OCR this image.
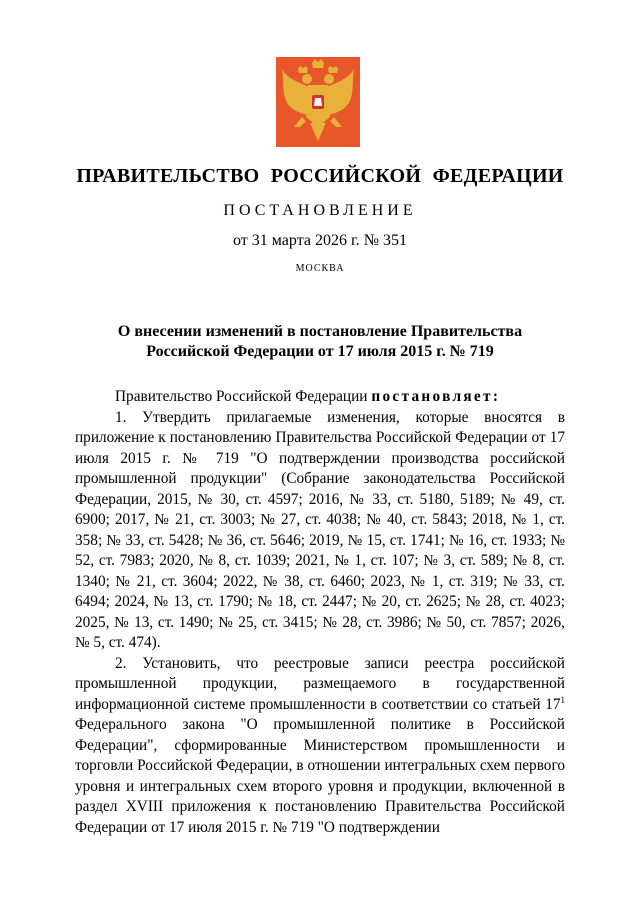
ПРАВИТЕЛЬСТВО РОССИЙСКОЙ ФЕДЕРАЦИИ
ПОСТАНОВЛЕНИЕ
от 31 марта 2026 г. № 351
МОСКВА
О внесении изменений в постановление Правительства
Российской Федерации от 17 июля 2015 г. № 719

Правительство Российской Федерации постановляет:

1. Утвердить прилагаемые изменения, которые вносятся в приложение к постановлению Правительства Российской Федерации от 17 июля 2015 г. № 719 "О подтверждении производства российской промышленной продукции" (Собрание законодательства Российской Федерации, 2015, № 30, ст. 4597; 2016, № 33, ст. 5180, 5189; № 49, ст. 6900; 2017, № 21, ст. 3003; № 27, ст. 4038; № 40, ст. 5843; 2018, № 1, ст. 358; № 33, ст. 5428; № 36, ст. 5646; 2019, № 15, ст. 1741; № 16, ст. 1933; № 52, ст. 7983; 2020, № 8, ст. 1039; 2021, № 1, ст. 107; № 3, ст. 589; № 8, ст. 1340; № 21, ст. 3604; 2022, № 38, ст. 6460; 2023, № 1, ст. 319; № 33, ст. 6494; 2024, № 13, ст. 1790; № 18, ст. 2447; № 20, ст. 2625; № 28, ст. 4023; 2025, № 13, ст. 1490; № 25, ст. 3415; № 28, ст. 3986; № 50, ст. 7857; 2026, № 5, ст. 474).

2. Установить, что реестровые записи реестра российской промышленной продукции, размещаемого в государственной информационной системе промышленности в соответствии со статьей $17^1$ Федерального закона "О промышленной политике в Российской Федерации", сформированные Министерством промышленности и торговли Российской Федерации, в отношении интегральных схем первого уровня и интегральных схем второго уровня и продукции, включенной в раздел XVIII приложения к постановлению Правительства Российской Федерации от 17 июля 2015 г. № 719 "О подтверждении
